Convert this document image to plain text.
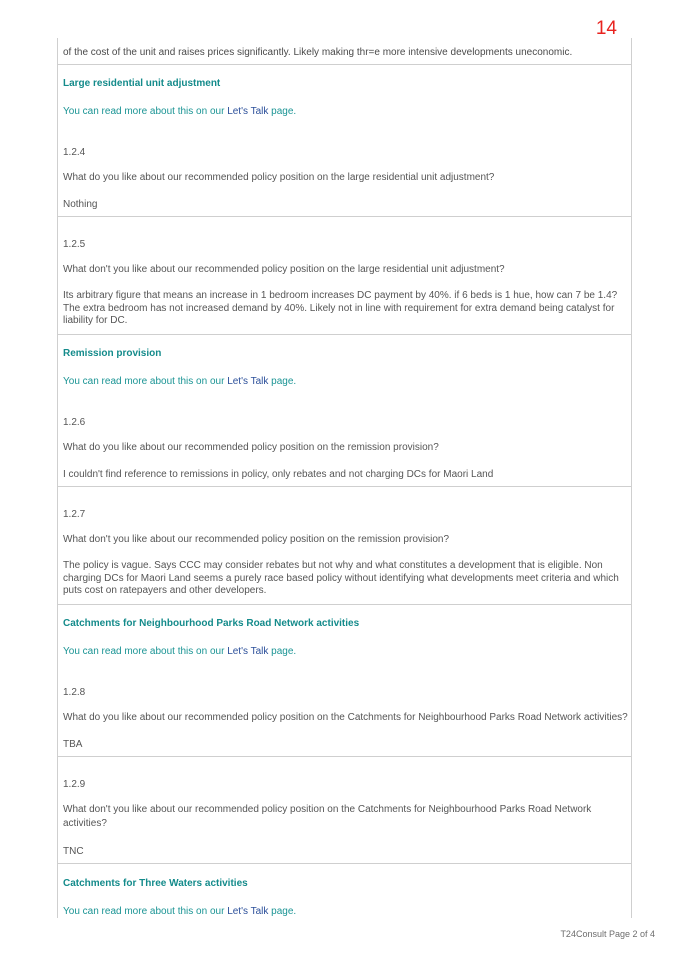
14
of the cost of the unit and raises prices significantly. Likely making thr=e more intensive developments uneconomic.
Large residential unit adjustment
You can read more about this on our Let's Talk page.
1.2.4
What do you like about our recommended policy position on the large residential unit adjustment?
Nothing
1.2.5
What don't you like about our recommended policy position on the large residential unit adjustment?
Its arbitrary figure that means an increase in 1 bedroom increases DC payment by 40%. if 6 beds is 1 hue, how can 7 be 1.4? The extra bedroom has not increased demand by 40%. Likely not in line with requirement for extra demand being catalyst for liability for DC.
Remission provision
You can read more about this on our Let's Talk page.
1.2.6
What do you like about our recommended policy position on the remission provision?
I couldn't find reference to remissions in policy, only rebates and not charging DCs for Maori Land
1.2.7
What don't you like about our recommended policy position on the remission provision?
The policy is vague. Says CCC may consider rebates but not why and what constitutes a development that is eligible. Non charging DCs for Maori Land seems a purely race based policy without identifying what developments meet criteria and which puts cost on ratepayers and other developers.
Catchments for Neighbourhood Parks Road Network activities
You can read more about this on our Let's Talk page.
1.2.8
What do you like about our recommended policy position on the Catchments for Neighbourhood Parks Road Network activities?
TBA
1.2.9
What don't you like about our recommended policy position on the Catchments for Neighbourhood Parks Road Network activities?
TNC
Catchments for Three Waters activities
You can read more about this on our Let's Talk page.
T24Consult Page 2 of 4
